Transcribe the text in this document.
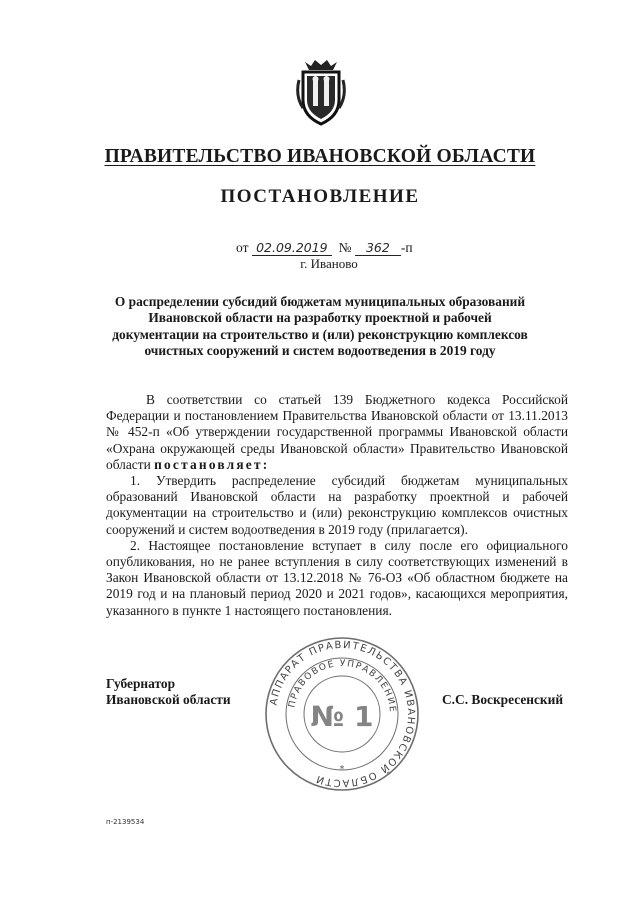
ПРАВИТЕЛЬСТВО ИВАНОВСКОЙ ОБЛАСТИ
ПОСТАНОВЛЕНИЕ
от 02.09.2019 № 362 -п
г. Иваново
О распределении субсидий бюджетам муниципальных образований Ивановской области на разработку проектной и рабочей документации на строительство и (или) реконструкцию комплексов очистных сооружений и систем водоотведения в 2019 году

В соответствии со статьей 139 Бюджетного кодекса Российской Федерации и постановлением Правительства Ивановской области от 13.11.2013 № 452-п «Об утверждении государственной программы Ивановской области «Охрана окружающей среды Ивановской области» Правительство Ивановской области постановляет:

1. Утвердить распределение субсидий бюджетам муниципальных образований Ивановской области на разработку проектной и рабочей документации на строительство и (или) реконструкцию комплексов очистных сооружений и систем водоотведения в 2019 году (прилагается).

2. Настоящее постановление вступает в силу после его официального опубликования, но не ранее вступления в силу соответствующих изменений в Закон Ивановской области от 13.12.2018 № 76-ОЗ «Об областном бюджете на 2019 год и на плановый период 2020 и 2021 годов», касающихся мероприятия, указанного в пункте 1 настоящего постановления.

Губернатор
Ивановской области	АППАРАТ ПРАВИТЕЛЬСТВА ИВАНОВСКОЙ ОБЛАСТИ
ПРАВОВОЕ УПРАВЛЕНИЕ
№ 1
*
С.С. Воскресенский
п-2139534
